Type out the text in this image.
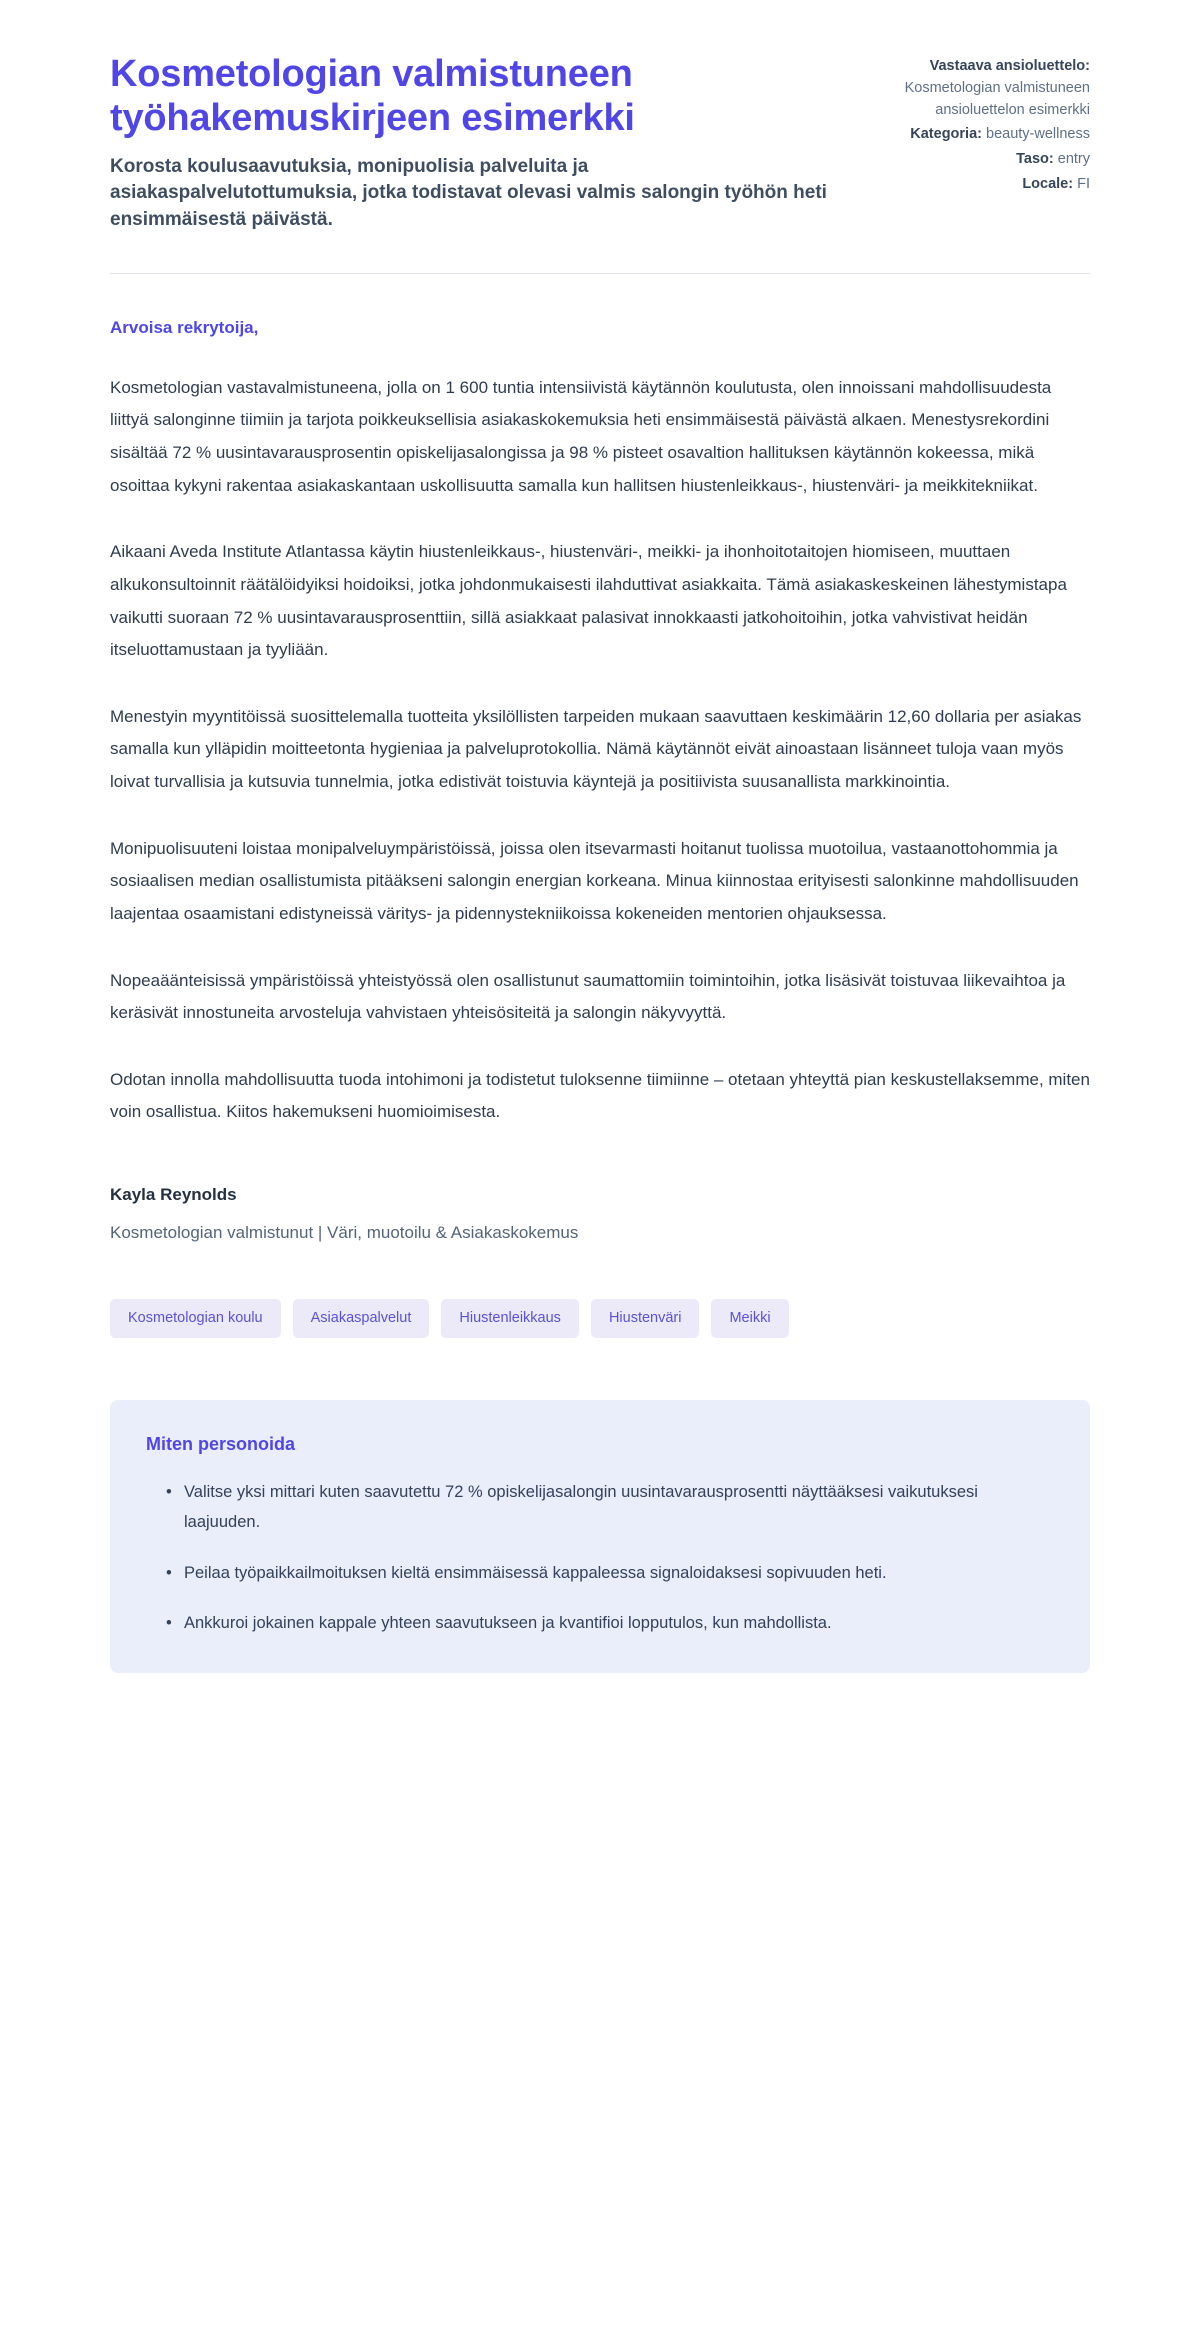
Kosmetologian valmistuneen työhakemuskirjeen esimerkki

Korosta koulusaavutuksia, monipuolisia palveluita ja asiakaspalvelutottumuksia, jotka todistavat olevasi valmis salongin työhön heti ensimmäisestä päivästä.

Vastaava ansioluettelo: Kosmetologian valmistuneen ansioluettelon esimerkki
Kategoria: beauty-wellness
Taso: entry
Locale: FI

Arvoisa rekrytoija,

Kosmetologian vastavalmistuneena, jolla on 1 600 tuntia intensiivistä käytännön koulutusta, olen innoissani mahdollisuudesta liittyä salonginne tiimiin ja tarjota poikkeuksellisia asiakaskokemuksia heti ensimmäisestä päivästä alkaen. Menestysrekordini sisältää 72 % uusintavarausprosentin opiskelijasalongissa ja 98 % pisteet osavaltion hallituksen käytännön kokeessa, mikä osoittaa kykyni rakentaa asiakaskantaan uskollisuutta samalla kun hallitsen hiustenleikkaus-, hiustenväri- ja meikkitekniikat.

Aikaani Aveda Institute Atlantassa käytin hiustenleikkaus-, hiustenväri-, meikki- ja ihonhoitotaitojen hiomiseen, muuttaen alkukonsultoinnit räätälöidyiksi hoidoiksi, jotka johdonmukaisesti ilahduttivat asiakkaita. Tämä asiakaskeskeinen lähestymistapa vaikutti suoraan 72 % uusintavarausprosenttiin, sillä asiakkaat palasivat innokkaasti jatkohoitoihin, jotka vahvistivat heidän itseluottamustaan ja tyyliään.

Menestyin myyntitöissä suosittelemalla tuotteita yksilöllisten tarpeiden mukaan saavuttaen keskimäärin 12,60 dollaria per asiakas samalla kun ylläpidin moitteetonta hygieniaa ja palveluprotokollia. Nämä käytännöt eivät ainoastaan lisänneet tuloja vaan myös loivat turvallisia ja kutsuvia tunnelmia, jotka edistivät toistuvia käyntejä ja positiivista suusanallista markkinointia.

Monipuolisuuteni loistaa monipalveluympäristöissä, joissa olen itsevarmasti hoitanut tuolissa muotoilua, vastaanottohommia ja sosiaalisen median osallistumista pitääkseni salongin energian korkeana. Minua kiinnostaa erityisesti salonkinne mahdollisuuden laajentaa osaamistani edistyneissä väritys- ja pidennystekniikoissa kokeneiden mentorien ohjauksessa.

Nopeaäänteisissä ympäristöissä yhteistyössä olen osallistunut saumattomiin toimintoihin, jotka lisäsivät toistuvaa liikevaihtoa ja keräsivät innostuneita arvosteluja vahvistaen yhteisösiteitä ja salongin näkyvyyttä.

Odotan innolla mahdollisuutta tuoda intohimoni ja todistetut tuloksenne tiimiinne – otetaan yhteyttä pian keskustellaksemme, miten voin osallistua. Kiitos hakemukseni huomioimisesta.

Kayla Reynolds

Kosmetologian valmistunut | Väri, muotoilu & Asiakaskokemus

Kosmetologian koulu	Asiakaspalvelut	Hiustenleikkaus	Hiustenväri	Meikki

Miten personoida

• Valitse yksi mittari kuten saavutettu 72 % opiskelijasalongin uusintavarausprosentti näyttääksesi vaikutuksesi laajuuden.
• Peilaa työpaikkailmoituksen kieltä ensimmäisessä kappaleessa signaloidaksesi sopivuuden heti.
• Ankkuroi jokainen kappale yhteen saavutukseen ja kvantifioi lopputulos, kun mahdollista.
